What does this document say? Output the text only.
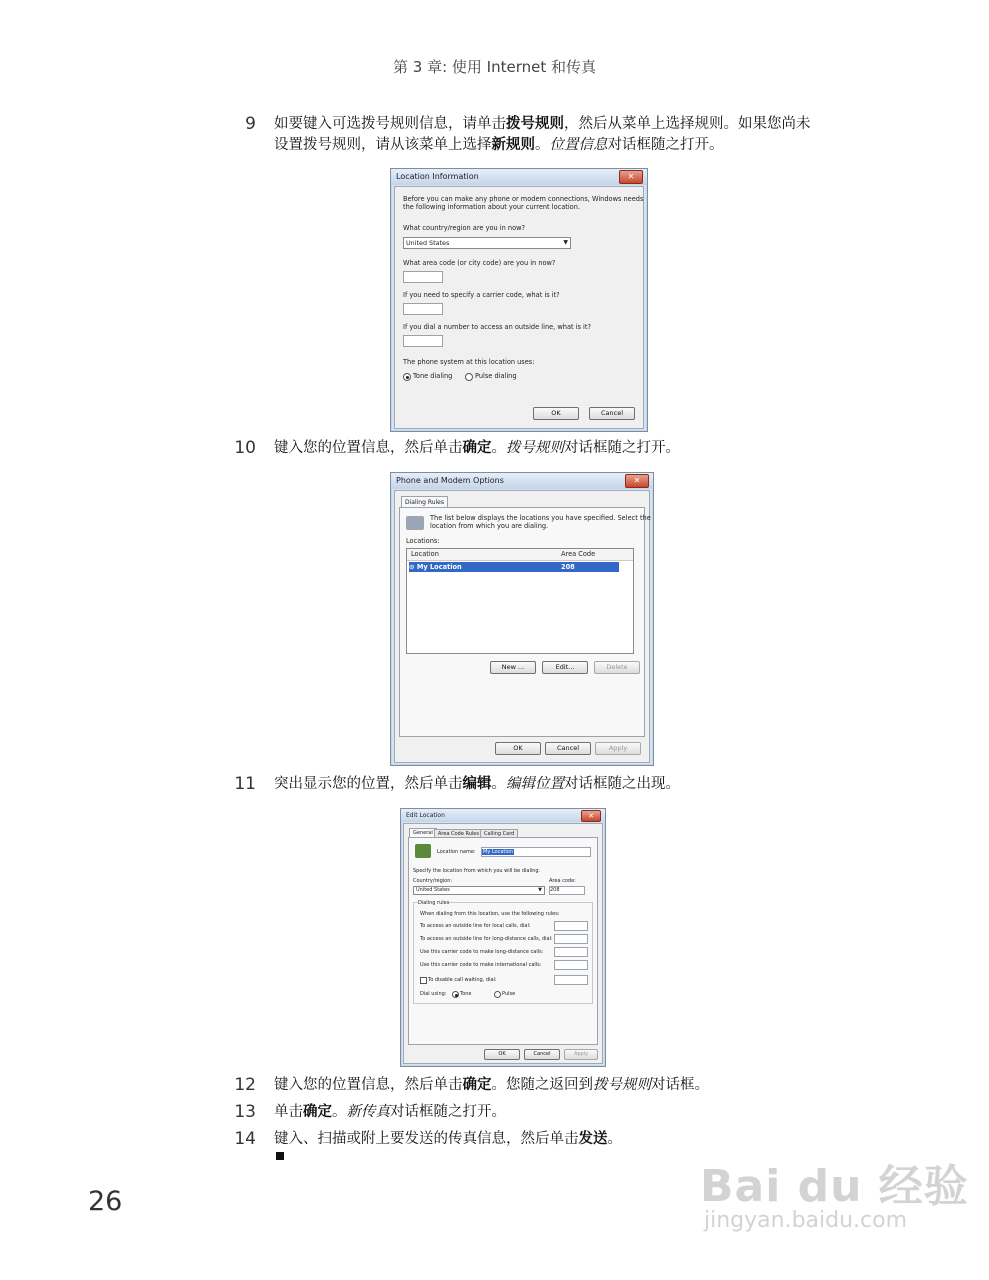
第 3 章: 使用 Internet 和传真
9 如要键入可选拨号规则信息，请单击拨号规则，然后从菜单上选择规则。如果您尚未
设置拨号规则，请从该菜单上选择新规则。位置信息对话框随之打开。
Location Information	✕
Before you can make any phone or modem connections, Windows needs
the following information about your current location.
What country/region are you in now?
United States	▼
What area code (or city code) are you in now?
If you need to specify a carrier code, what is it?
If you dial a number to access an outside line, what is it?
The phone system at this location uses:
Tone dialing	Pulse dialing
OK	Cancel
10 键入您的位置信息，然后单击确定。拨号规则对话框随之打开。
Phone and Modem Options	✕
Dialing Rules
The list below displays the locations you have specified. Select the
location from which you are dialing.
Locations:
Location	Area Code
⊙ My Location	208
New ...	Edit...	Delete
OK	Cancel	Apply
11 突出显示您的位置，然后单击编辑。编辑位置对话框随之出现。
Edit Location	✕
General	Area Code Rules	Calling Card
Location name:	My Location
Specify the location from which you will be dialing.
Country/region:
United States	▼
Area code:
208
Dialing rules
When dialing from this location, use the following rules:
To access an outside line for local calls, dial:
To access an outside line for long-distance calls, dial:
Use this carrier code to make long-distance calls:
Use this carrier code to make international calls:
To disable call waiting, dial:
Dial using:	Tone	Pulse
OK	Cancel	Apply
12 键入您的位置信息，然后单击确定。您随之返回到拨号规则对话框。
13 单击确定。新传真对话框随之打开。
14 键入、扫描或附上要发送的传真信息，然后单击发送。
26	Bai du 经验
jingyan.baidu.com
